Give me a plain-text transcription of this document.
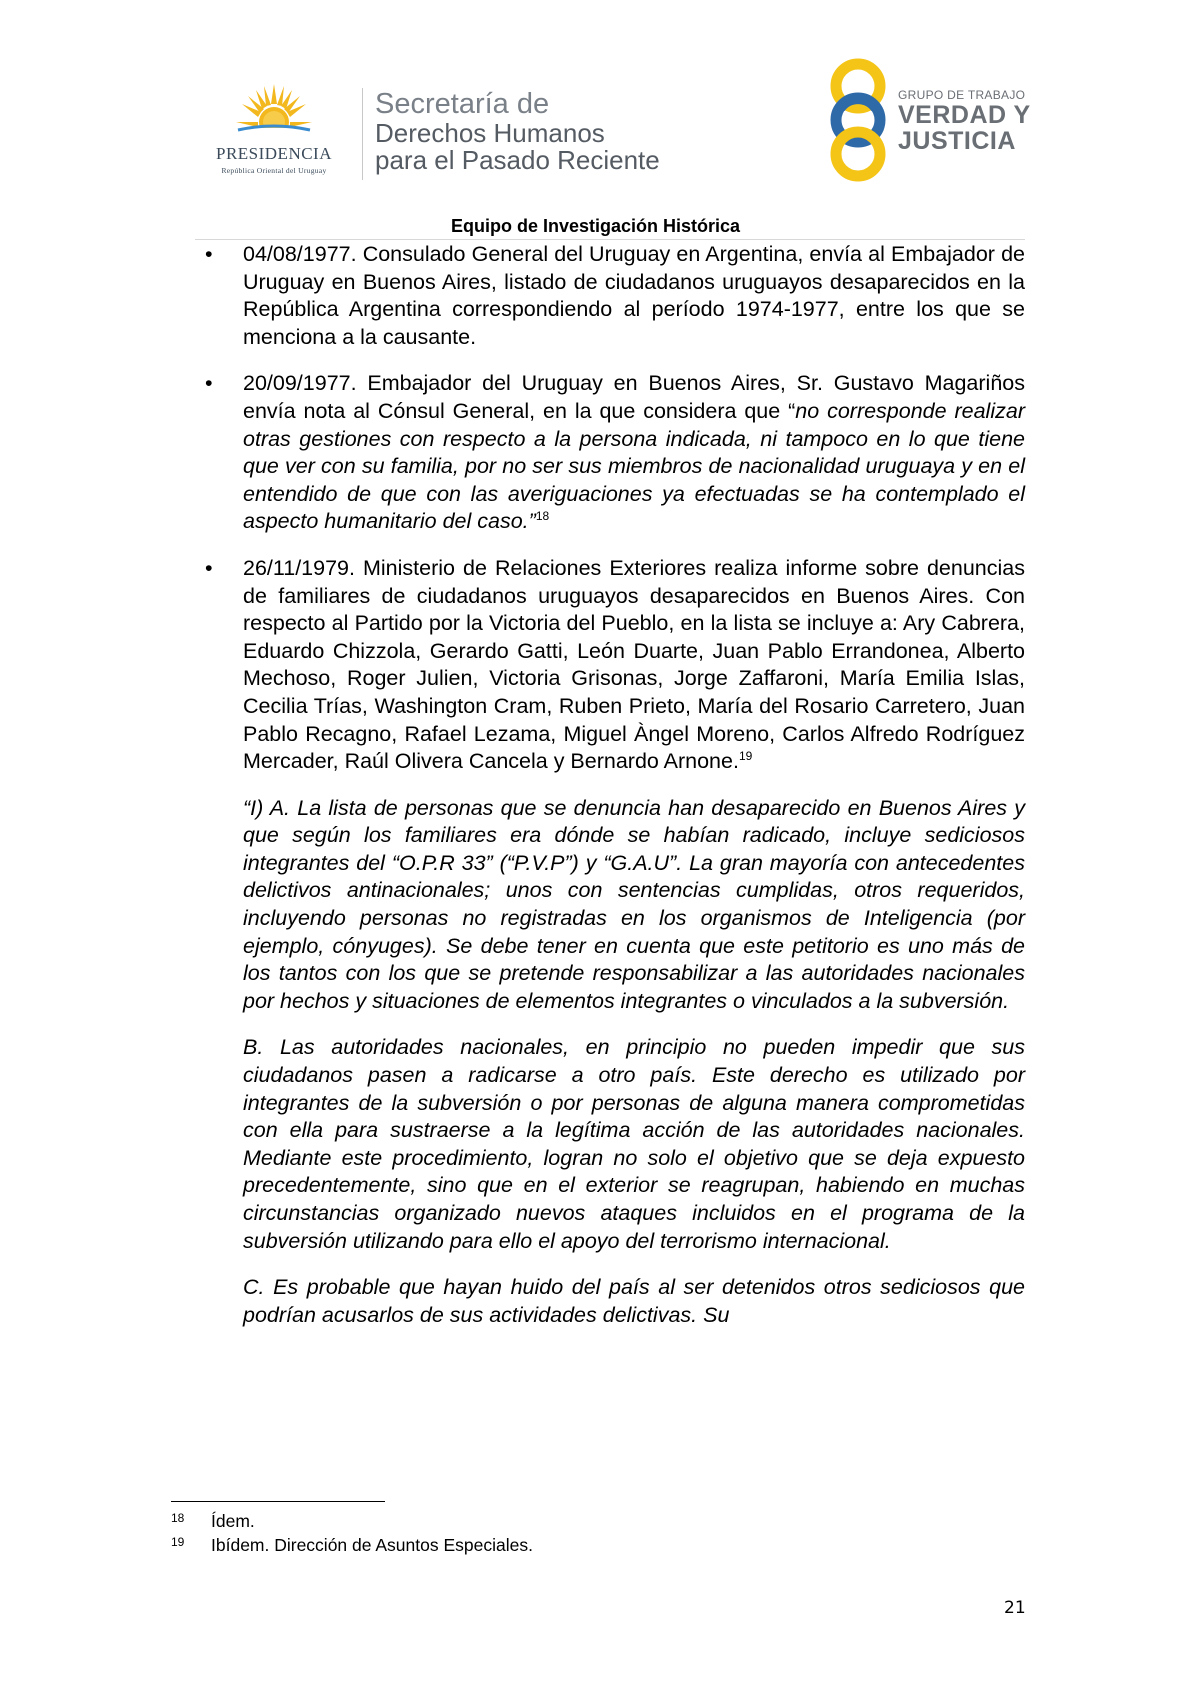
PRESIDENCIA
República Oriental del Uruguay
Secretaría de
Derechos Humanos
para el Pasado Reciente
GRUPO DE TRABAJO
VERDAD Y
JUSTICIA
Equipo de Investigación Histórica
• 04/08/1977. Consulado General del Uruguay en Argentina, envía al Embajador de Uruguay en Buenos Aires, listado de ciudadanos uruguayos desaparecidos en la República Argentina correspondiendo al período 1974-1977, entre los que se menciona a la causante.
• 20/09/1977. Embajador del Uruguay en Buenos Aires, Sr. Gustavo Magariños envía nota al Cónsul General, en la que considera que “no corresponde realizar otras gestiones con respecto a la persona indicada, ni tampoco en lo que tiene que ver con su familia, por no ser sus miembros de nacionalidad uruguaya y en el entendido de que con las averiguaciones ya efectuadas se ha contemplado el aspecto humanitario del caso.”$^{18}$
• 26/11/1979. Ministerio de Relaciones Exteriores realiza informe sobre denuncias de familiares de ciudadanos uruguayos desaparecidos en Buenos Aires. Con respecto al Partido por la Victoria del Pueblo, en la lista se incluye a: Ary Cabrera, Eduardo Chizzola, Gerardo Gatti, León Duarte, Juan Pablo Errandonea, Alberto Mechoso, Roger Julien, Victoria Grisonas, Jorge Zaffaroni, María Emilia Islas, Cecilia Trías, Washington Cram, Ruben Prieto, María del Rosario Carretero, Juan Pablo Recagno, Rafael Lezama, Miguel Àngel Moreno, Carlos Alfredo Rodríguez Mercader, Raúl Olivera Cancela y Bernardo Arnone.$^{19}$
“I) A. La lista de personas que se denuncia han desaparecido en Buenos Aires y que según los familiares era dónde se habían radicado, incluye sediciosos integrantes del “O.P.R 33” (“P.V.P”) y “G.A.U”. La gran mayoría con antecedentes delictivos antinacionales; unos con sentencias cumplidas, otros requeridos, incluyendo personas no registradas en los organismos de Inteligencia (por ejemplo, cónyuges). Se debe tener en cuenta que este petitorio es uno más de los tantos con los que se pretende responsabilizar a las autoridades nacionales por hechos y situaciones de elementos integrantes o vinculados a la subversión.
B. Las autoridades nacionales, en principio no pueden impedir que sus ciudadanos pasen a radicarse a otro país. Este derecho es utilizado por integrantes de la subversión o por personas de alguna manera comprometidas con ella para sustraerse a la legítima acción de las autoridades nacionales. Mediante este procedimiento, logran no solo el objetivo que se deja expuesto precedentemente, sino que en el exterior se reagrupan, habiendo en muchas circunstancias organizado nuevos ataques incluidos en el programa de la subversión utilizando para ello el apoyo del terrorismo internacional.
C. Es probable que hayan huido del país al ser detenidos otros sediciosos que podrían acusarlos de sus actividades delictivas. Su
18 Ídem.
19 Ibídem. Dirección de Asuntos Especiales.
21
